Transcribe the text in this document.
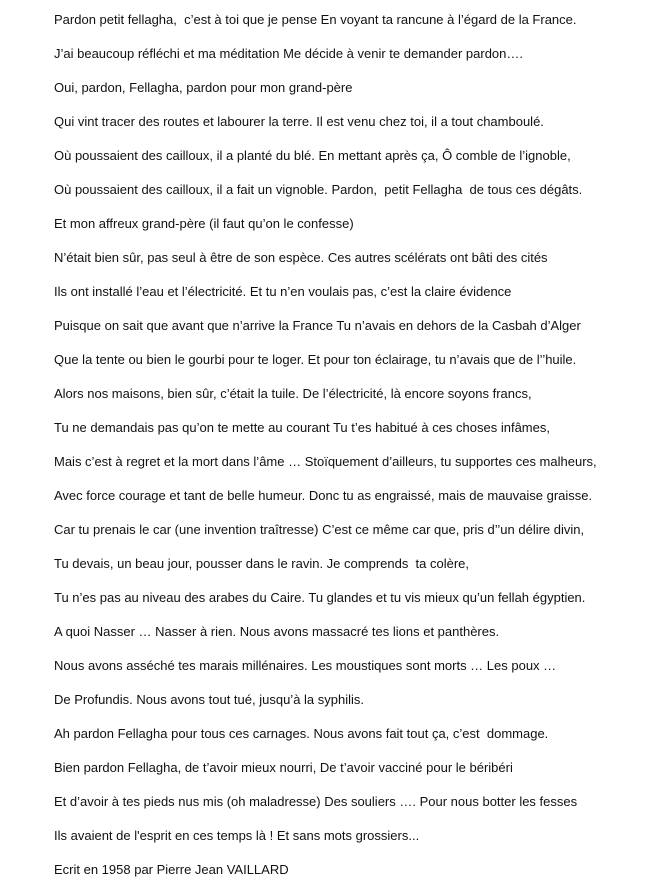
Pardon petit fellagha,  c’est à toi que je pense En voyant ta rancune à l’égard de la France.
J’ai beaucoup réfléchi et ma méditation Me décide à venir te demander pardon….
Oui, pardon, Fellagha, pardon pour mon grand-père
Qui vint tracer des routes et labourer la terre. Il est venu chez toi, il a tout chamboulé.
Où poussaient des cailloux, il a planté du blé. En mettant après ça, Ô comble de l’ignoble,
Où poussaient des cailloux, il a fait un vignoble. Pardon,  petit Fellagha  de tous ces dégâts.
Et mon affreux grand-père (il faut qu’on le confesse)
N’était bien sûr, pas seul à être de son espèce. Ces autres scélérats ont bâti des cités
Ils ont installé l’eau et l’électricité. Et tu n’en voulais pas, c’est la claire évidence
Puisque on sait que avant que n’arrive la France Tu n’avais en dehors de la Casbah d’Alger
Que la tente ou bien le gourbi pour te loger. Et pour ton éclairage, tu n’avais que de l’’huile.
Alors nos maisons, bien sûr, c’était la tuile. De l’électricité, là encore soyons francs,
Tu ne demandais pas qu’on te mette au courant Tu t’es habitué à ces choses infâmes,
Mais c’est à regret et la mort dans l’âme … Stoïquement d’ailleurs, tu supportes ces malheurs,
Avec force courage et tant de belle humeur. Donc tu as engraissé, mais de mauvaise graisse.
Car tu prenais le car (une invention traîtresse) C’est ce même car que, pris d’’un délire divin,
Tu devais, un beau jour, pousser dans le ravin. Je comprends  ta colère,
Tu n’es pas au niveau des arabes du Caire. Tu glandes et tu vis mieux qu’un fellah égyptien.
A quoi Nasser … Nasser à rien. Nous avons massacré tes lions et panthères.
Nous avons asséché tes marais millénaires. Les moustiques sont morts … Les poux …
De Profundis. Nous avons tout tué, jusqu’à la syphilis.
Ah pardon Fellagha pour tous ces carnages. Nous avons fait tout ça, c’est  dommage.
Bien pardon Fellagha, de t’avoir mieux nourri, De t’avoir vacciné pour le béribéri
Et d’avoir à tes pieds nus mis (oh maladresse) Des souliers …. Pour nous botter les fesses
Ils avaient de l'esprit en ces temps là ! Et sans mots grossiers...
Ecrit en 1958 par Pierre Jean VAILLARD
